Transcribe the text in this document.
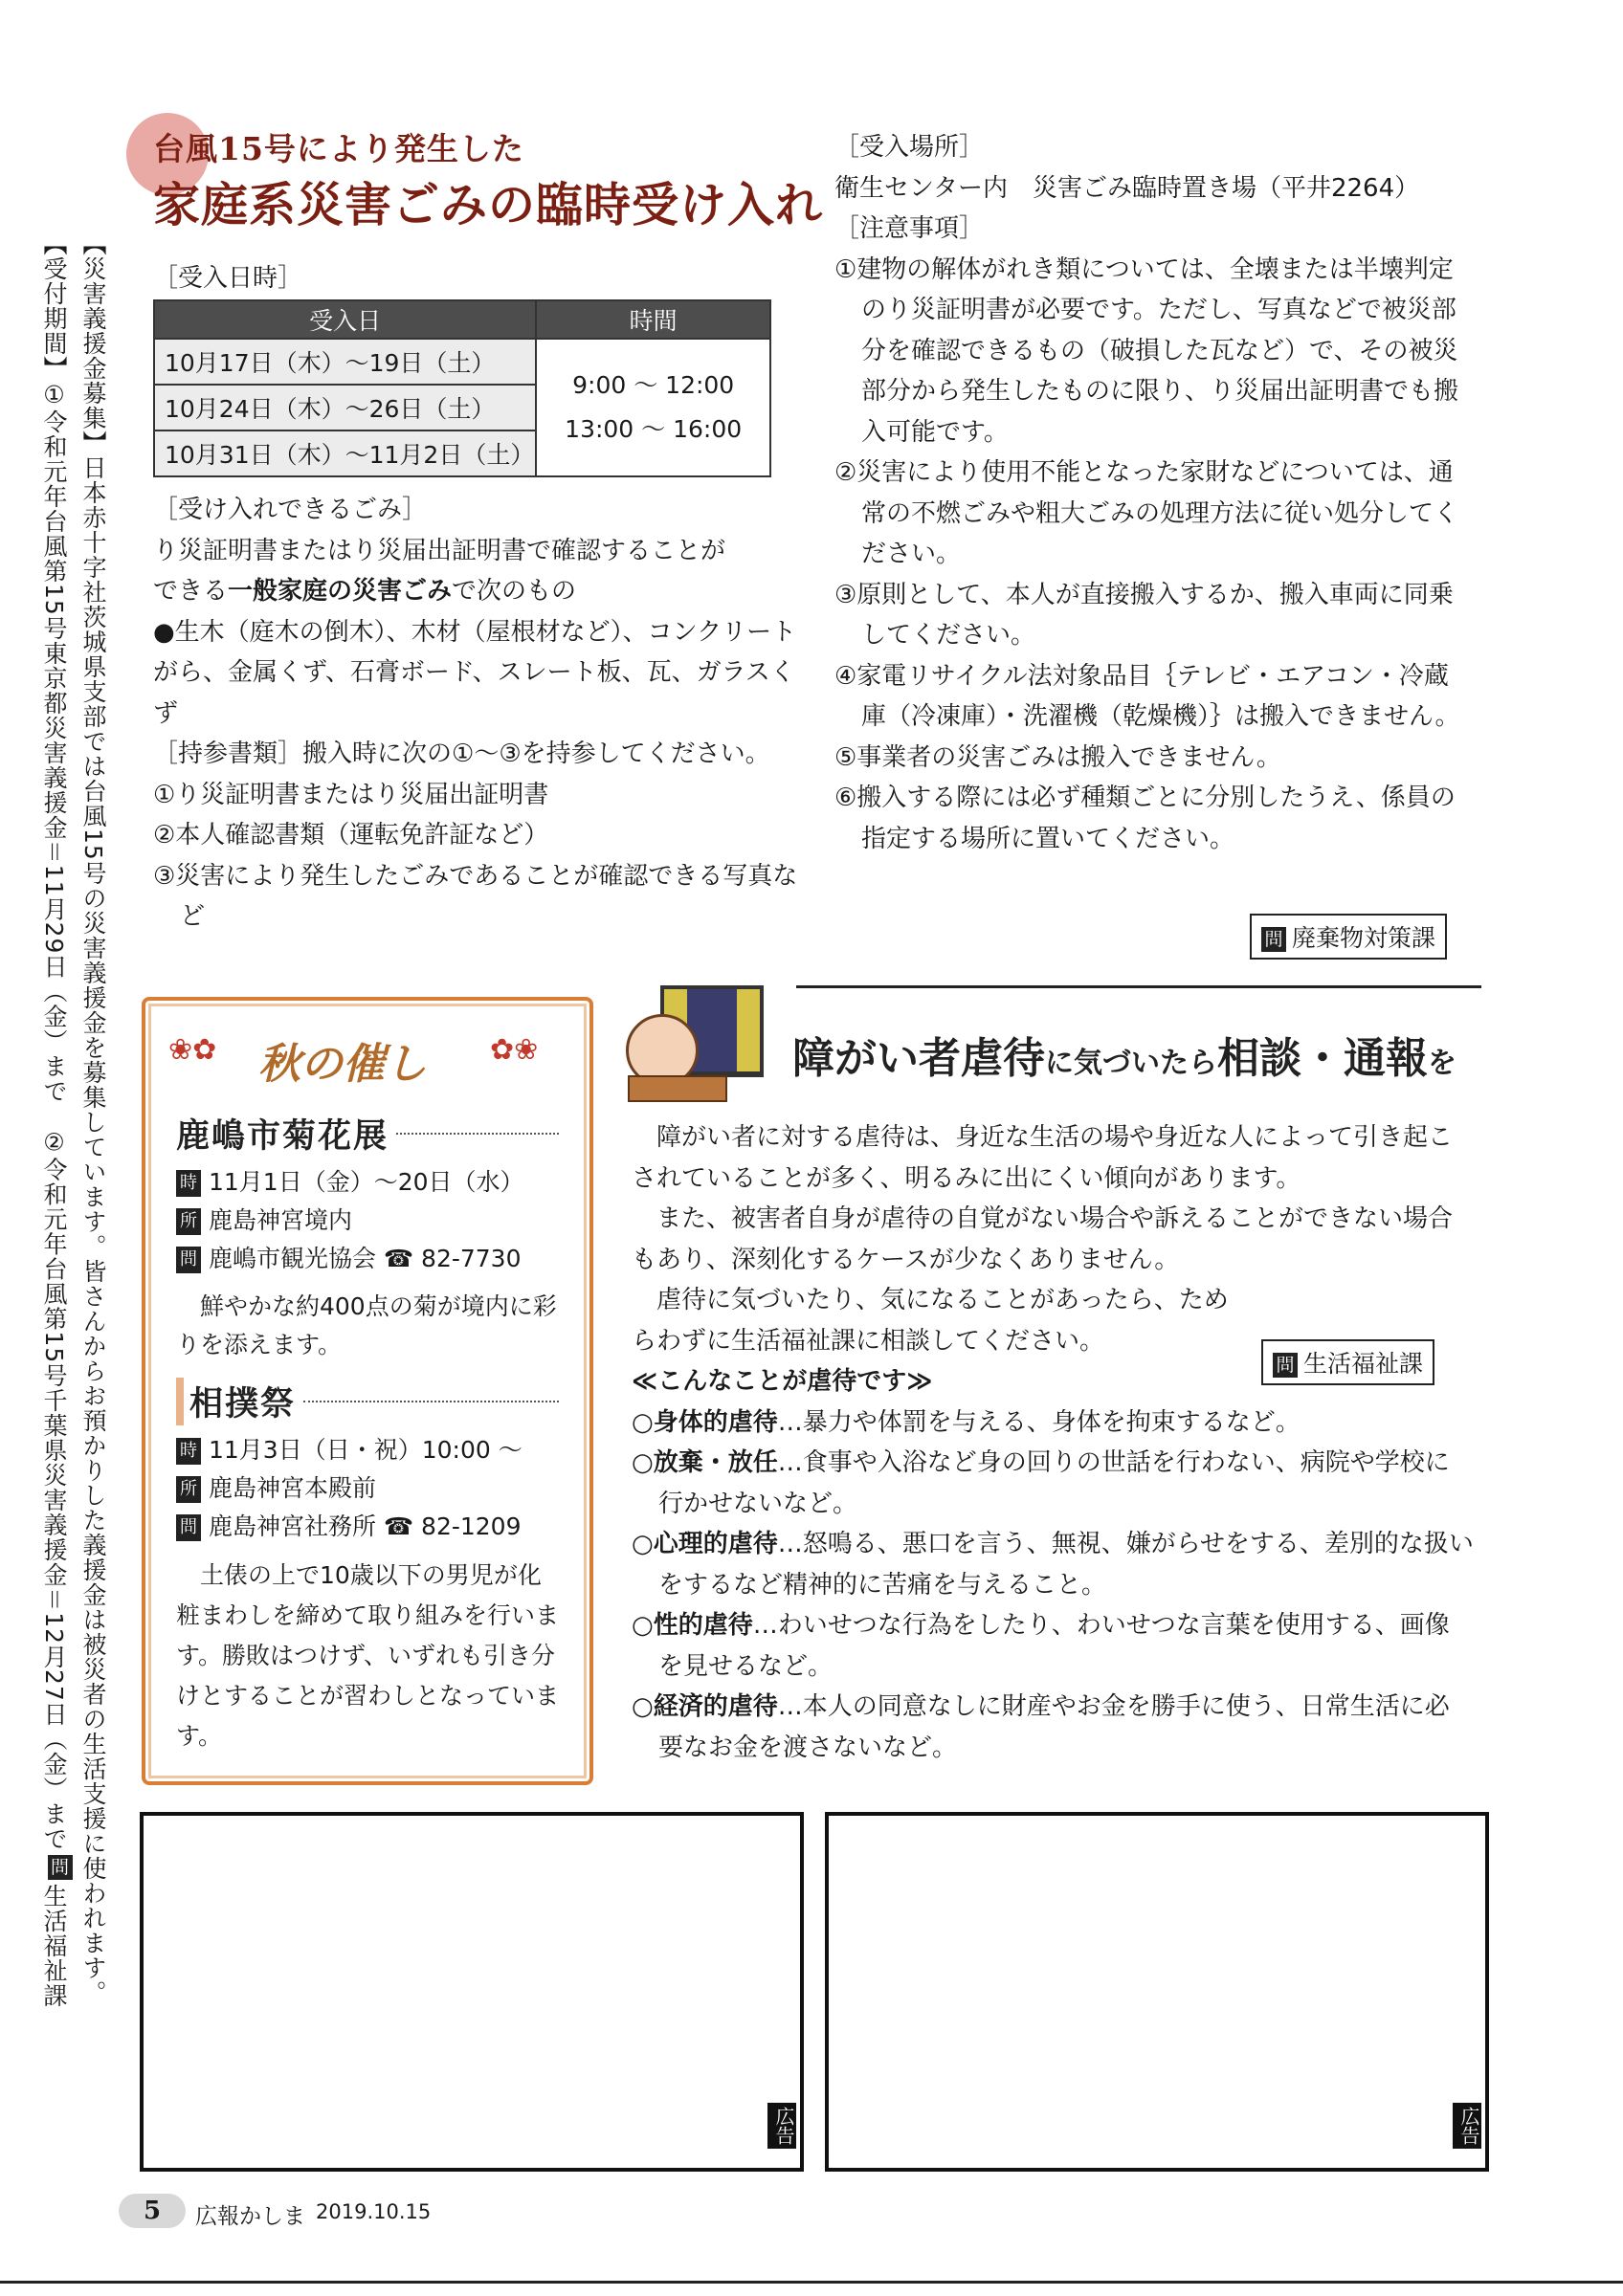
【災害義援金募集】日本赤十字社茨城県支部では台風15号の災害義援金を募集しています。皆さんからお預かりした義援金は被災者の生活支援に使われます。
【受付期間】①令和元年台風第15号東京都災害義援金＝11月29日（金）まで　②令和元年台風第15号千葉県災害義援金＝12月27日（金）まで問生活福祉課
台風15号により発生した
家庭系災害ごみの臨時受け入れ
［受入日時］
受入日	時間
10月17日（木）～19日（土）	9:00 ～ 12:00
13:00 ～ 16:00

10月24日（木）～26日（土）	
10月31日（木）～11月2日（土）	
［受け入れできるごみ］
り災証明書またはり災届出証明書で確認することが
できる一般家庭の災害ごみで次のもの
●生木（庭木の倒木）、木材（屋根材など）、コンクリートがら、金属くず、石膏ボード、スレート板、瓦、ガラスくず
［持参書類］搬入時に次の①～③を持参してください。
①り災証明書またはり災届出証明書
②本人確認書類（運転免許証など）
③災害により発生したごみであることが確認できる写真など
［受入場所］
衛生センター内　災害ごみ臨時置き場（平井2264）
［注意事項］
①建物の解体がれき類については、全壊または半壊判定のり災証明書が必要です。ただし、写真などで被災部分を確認できるもの（破損した瓦など）で、その被災部分から発生したものに限り、り災届出証明書でも搬入可能です。
②災害により使用不能となった家財などについては、通常の不燃ごみや粗大ごみの処理方法に従い処分してください。
③原則として、本人が直接搬入するか、搬入車両に同乗してください。
④家電リサイクル法対象品目｛テレビ・エアコン・冷蔵庫（冷凍庫）・洗濯機（乾燥機）｝は搬入できません。
⑤事業者の災害ごみは搬入できません。
⑥搬入する際には必ず種類ごとに分別したうえ、係員の指定する場所に置いてください。
問 廃棄物対策課
❀✿ 秋の催し ✿❀
鹿嶋市菊花展
時 11月1日（金）～20日（水）
所 鹿島神宮境内
問 鹿嶋市観光協会 ☎ 82-7730
鮮やかな約400点の菊が境内に彩りを添えます。
相撲祭
時 11月3日（日・祝）10:00 ～
所 鹿島神宮本殿前
問 鹿島神宮社務所 ☎ 82-1209
土俵の上で10歳以下の男児が化粧まわしを締めて取り組みを行います。勝敗はつけず、いずれも引き分けとすることが習わしとなっています。
障がい者虐待に気づいたら相談・通報を
障がい者に対する虐待は、身近な生活の場や身近な人によって引き起こされていることが多く、明るみに出にくい傾向があります。
また、被害者自身が虐待の自覚がない場合や訴えることができない場合もあり、深刻化するケースが少なくありません。
虐待に気づいたり、気になることがあったら、ためらわずに生活福祉課に相談してください。
≪こんなことが虐待です≫
○身体的虐待…暴力や体罰を与える、身体を拘束するなど。
○放棄・放任…食事や入浴など身の回りの世話を行わない、病院や学校に行かせないなど。
○心理的虐待…怒鳴る、悪口を言う、無視、嫌がらせをする、差別的な扱いをするなど精神的に苦痛を与えること。
○性的虐待…わいせつな行為をしたり、わいせつな言葉を使用する、画像を見せるなど。
○経済的虐待…本人の同意なしに財産やお金を勝手に使う、日常生活に必要なお金を渡さないなど。
問 生活福祉課
広告	広告
5 広報かしま 2019.10.15
